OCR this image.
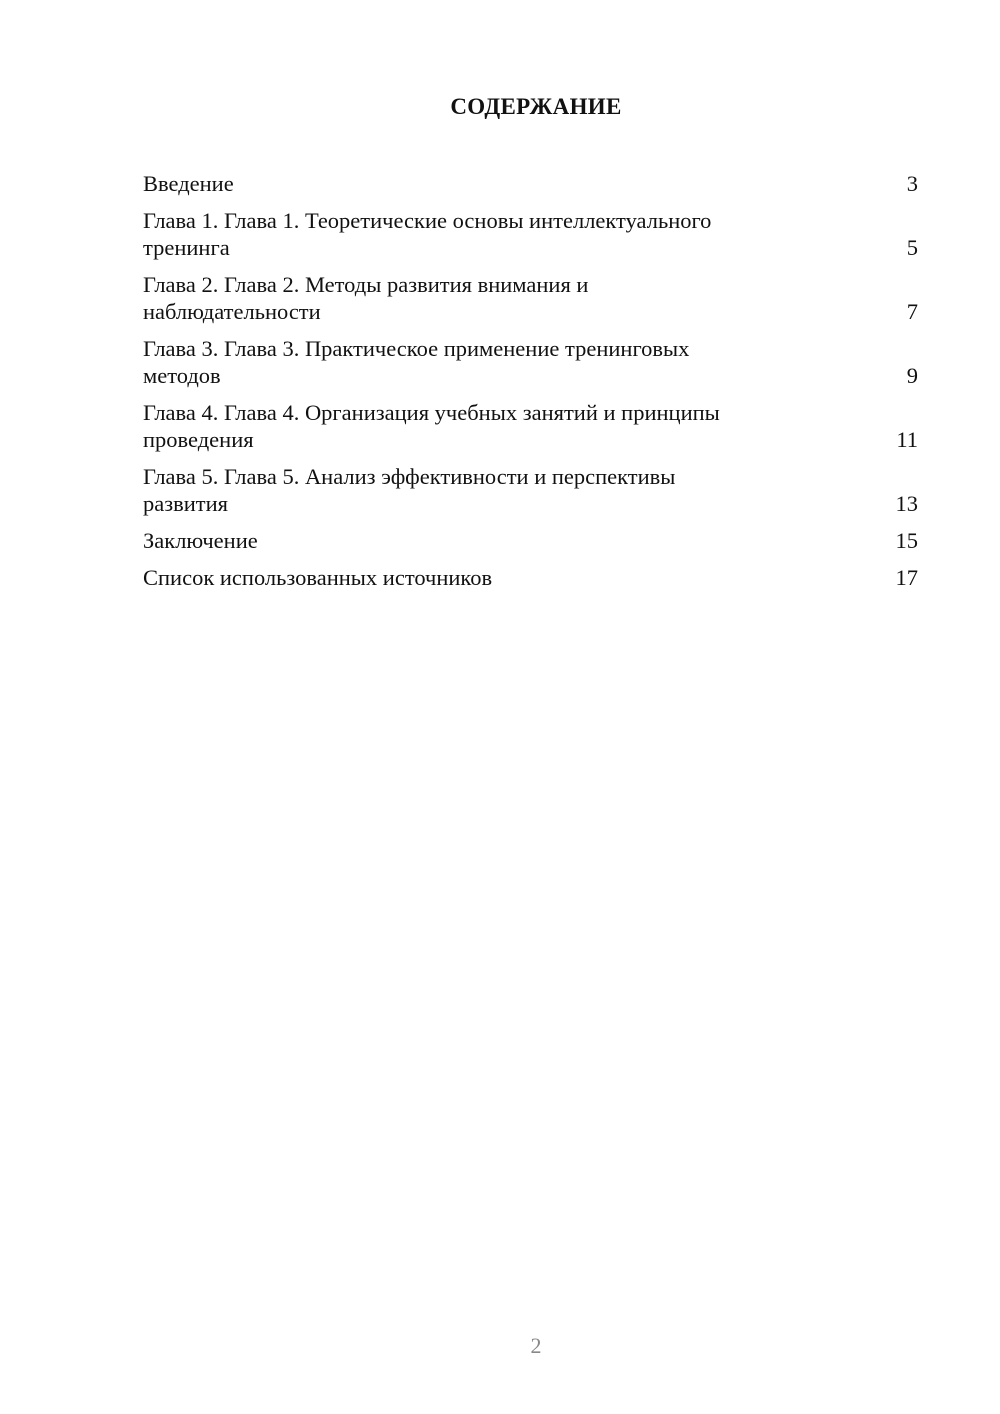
СОДЕРЖАНИЕ
Введение	3
Глава 1. Глава 1. Теоретические основы интеллектуального тренинга	5
Глава 2. Глава 2. Методы развития внимания и наблюдательности	7
Глава 3. Глава 3. Практическое применение тренинговых методов	9
Глава 4. Глава 4. Организация учебных занятий и принципы проведения	11
Глава 5. Глава 5. Анализ эффективности и перспективы развития	13
Заключение	15
Список использованных источников	17
2
